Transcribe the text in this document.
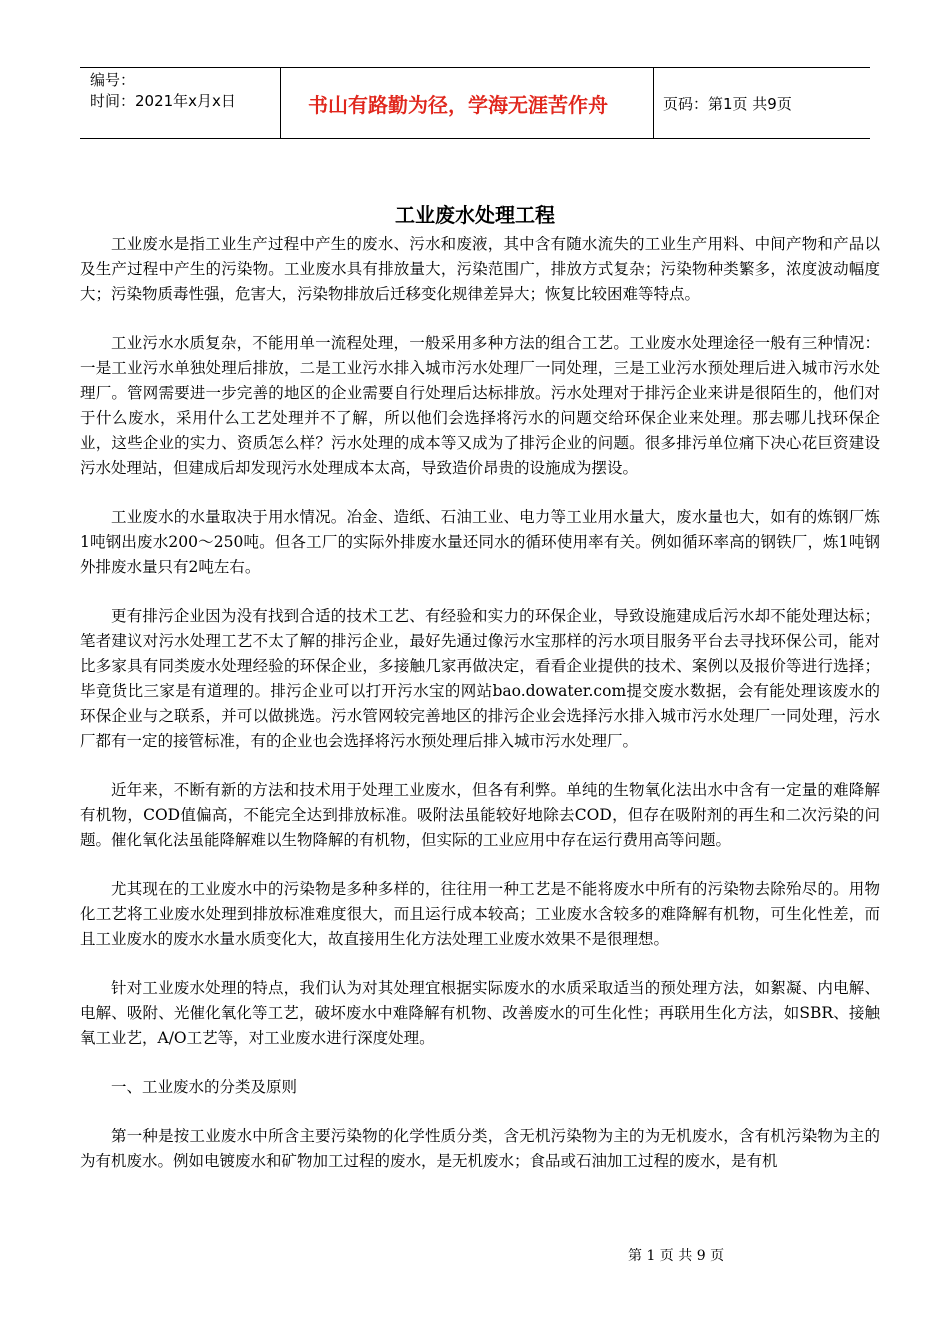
编号：
时间：2021年x月x日	书山有路勤为径，学海无涯苦作舟	页码：第1页 共9页
工业废水处理工程

工业废水是指工业生产过程中产生的废水、污水和废液，其中含有随水流失的工业生产用料、中间产物和产品以及生产过程中产生的污染物。工业废水具有排放量大，污染范围广，排放方式复杂；污染物种类繁多，浓度波动幅度大；污染物质毒性强，危害大，污染物排放后迁移变化规律差异大；恢复比较困难等特点。

工业污水水质复杂，不能用单一流程处理，一般采用多种方法的组合工艺。工业废水处理途径一般有三种情况：一是工业污水单独处理后排放，二是工业污水排入城市污水处理厂一同处理，三是工业污水预处理后进入城市污水处理厂。管网需要进一步完善的地区的企业需要自行处理后达标排放。污水处理对于排污企业来讲是很陌生的，他们对于什么废水，采用什么工艺处理并不了解，所以他们会选择将污水的问题交给环保企业来处理。那去哪儿找环保企业，这些企业的实力、资质怎么样？污水处理的成本等又成为了排污企业的问题。很多排污单位痛下决心花巨资建设污水处理站，但建成后却发现污水处理成本太高，导致造价昂贵的设施成为摆设。

工业废水的水量取决于用水情况。冶金、造纸、石油工业、电力等工业用水量大，废水量也大，如有的炼钢厂炼 1吨钢出废水200～250吨。但各工厂的实际外排废水量还同水的循环使用率有关。例如循环率高的钢铁厂，炼1吨钢外排废水量只有2吨左右。

更有排污企业因为没有找到合适的技术工艺、有经验和实力的环保企业，导致设施建成后污水却不能处理达标；笔者建议对污水处理工艺不太了解的排污企业，最好先通过像污水宝那样的污水项目服务平台去寻找环保公司，能对比多家具有同类废水处理经验的环保企业，多接触几家再做决定，看看企业提供的技术、案例以及报价等进行选择；毕竟货比三家是有道理的。排污企业可以打开污水宝的网站bao.dowater.com提交废水数据，会有能处理该废水的环保企业与之联系，并可以做挑选。污水管网较完善地区的排污企业会选择污水排入城市污水处理厂一同处理，污水厂都有一定的接管标准，有的企业也会选择将污水预处理后排入城市污水处理厂。

近年来，不断有新的方法和技术用于处理工业废水，但各有利弊。单纯的生物氧化法出水中含有一定量的难降解有机物，COD值偏高，不能完全达到排放标准。吸附法虽能较好地除去COD，但存在吸附剂的再生和二次污染的问题。催化氧化法虽能降解难以生物降解的有机物，但实际的工业应用中存在运行费用高等问题。

尤其现在的工业废水中的污染物是多种多样的，往往用一种工艺是不能将废水中所有的污染物去除殆尽的。用物化工艺将工业废水处理到排放标准难度很大，而且运行成本较高；工业废水含较多的难降解有机物，可生化性差，而且工业废水的废水水量水质变化大，故直接用生化方法处理工业废水效果不是很理想。

针对工业废水处理的特点，我们认为对其处理宜根据实际废水的水质采取适当的预处理方法，如絮凝、内电解、电解、吸附、光催化氧化等工艺，破坏废水中难降解有机物、改善废水的可生化性；再联用生化方法，如SBR、接触氧工业艺，A/O工艺等，对工业废水进行深度处理。

一、工业废水的分类及原则

第一种是按工业废水中所含主要污染物的化学性质分类，含无机污染物为主的为无机废水，含有机污染物为主的为有机废水。例如电镀废水和矿物加工过程的废水，是无机废水；食品或石油加工过程的废水，是有机

第 1 页 共 9 页
